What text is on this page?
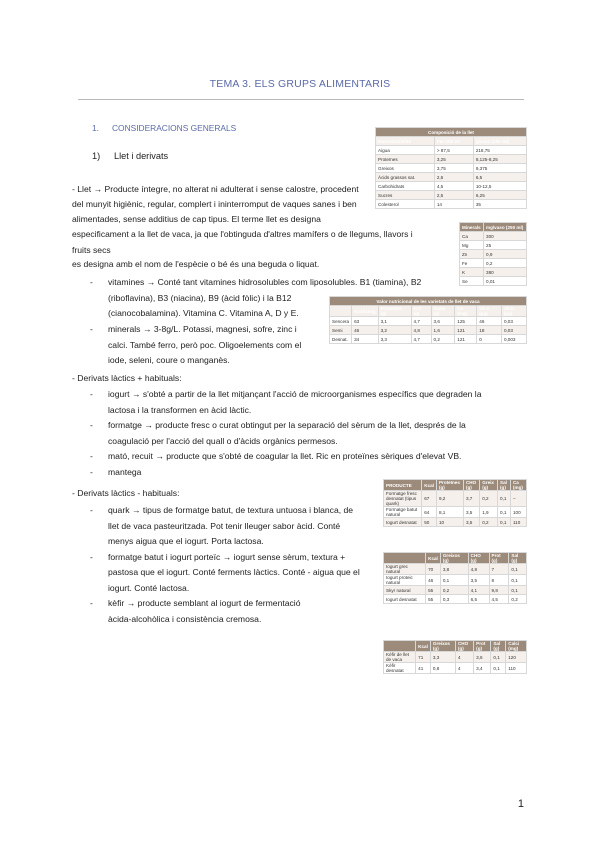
TEMA 3. ELS GRUPS ALIMENTARIS
1. CONSIDERACIONS GENERALS
1) Llet i derivats
- Llet → Producte íntegre, no alterat ni adulterat i sense calostre, procedent
del munyit higiènic, regular, complert i ininterromput de vaques sanes i ben
alimentades, sense additius de cap tipus. El terme llet es designa
especificament a la llet de vaca, ja que l'obtinguda d'altres mamífers o de llegums, llavors i
fruits secs
es designa amb el nom de l'espècie o bé és una beguda o liquat.
- vitamines → Conté tant vitamines hidrosolubles com liposolubles. B1 (tiamina), B2
(riboflavina), B3 (niacina), B9 (àcid fòlic) i la B12
(cianocobalamina). Vitamina C. Vitamina A, D y E.
- minerals → 3-8g/L. Potassi, magnesi, sofre, zinc i
calci. També ferro, però poc. Oligoelements com el
iode, seleni, coure o manganès.
- Derivats làctics + habituals:
- iogurt → s'obté a partir de la llet mitjançant l'acció de microorganismes específics que degraden la
lactosa i la transformen en àcid làctic.
- formatge → producte fresc o curat obtingut per la separació del sèrum de la llet, després de la
coagulació per l'acció del quall o d'àcids orgànics permesos.
- mató, recuit → producte que s'obté de coagular la llet. Ric en proteïnes sèriques d'elevat VB.
- mantega
- Derivats làctics - habituals:
- quark → tipus de formatge batut, de textura untuosa i blanca, de
llet de vaca pasteuritzada. Pot tenir lleuger sabor àcid. Conté
menys aigua que el iogurt. Porta lactosa.
- formatge batut i iogurt porteïc → iogurt sense sèrum, textura +
pastosa que el iogurt. Conté ferments làctics. Conté - aigua que el
iogurt. Conté lactosa.
- kèfir → producte semblant al iogurt de fermentació
àcida-alcohòlica i consistència cremosa.
Composició de la llet		
Macronutrients	Per 100 ml	g/vaso (250 ml)
Aigua	> 87,5	218,75
Proteïnes	3,25	8,125-8,25
Greixos	3,75	9,375
Àcids grassos sat.	2,6	6,5
Carbohidrats	4,5	10-12,5
Sucres	2,5	6,25
Colesterol	14	35
Minerals	mg/vaso (250 ml)
Ca	300
Mg	25
Zn	0,9
Fe	0,2
K	380
Se	0,01
Valor nutricional de les varietats de llet de vaca							
	Kcal/100g	Proteïnes (g)	H.C (g)	Greix (g)	Ca (mg)	Vit A (µg)	Vit D (µg)
Sencera	63	3,1	4,7	3,6	125	46	0,03
Semi	46	3,2	4,8	1,6	121	18	0,03
Desnat.	34	3,3	4,7	0,2	121	0	0,003
PRODUCTE	Kcal	Proteïnes (g)	CHO (g)	Greix (g)	Sal (g)	Ca (mg)
Formatge fresc desnatat (tipus quark)	67	9,2	3,7	0,2	0,1	–
Formatge batut natural	64	8,1	3,5	1,9	0,1	100
Iogurt desnatat	50	10	3,5	0,2	0,1	110
	Kcal	Greixos (g)	CHO (g)	Prot (g)	Sal (g)
Iogurt grec natural	70	3,8	4,8	7	0,1
Iogurt proteic natural	46	0,1	3,5	8	0,1
Skyr natural	55	0,2	4,1	9,8	0,1
Iogurt desnatat	55	0,3	6,5	4,5	0,2
	Kcal	Greixos (g)	CHO (g)	Prot (g)	Sal (g)	Calci (mg)
Kèfir de llet de vaca	71	3,3	4	3,6	0,1	120
Kèfir desnatat	41	0,8	4	3,4	0,1	110
1
